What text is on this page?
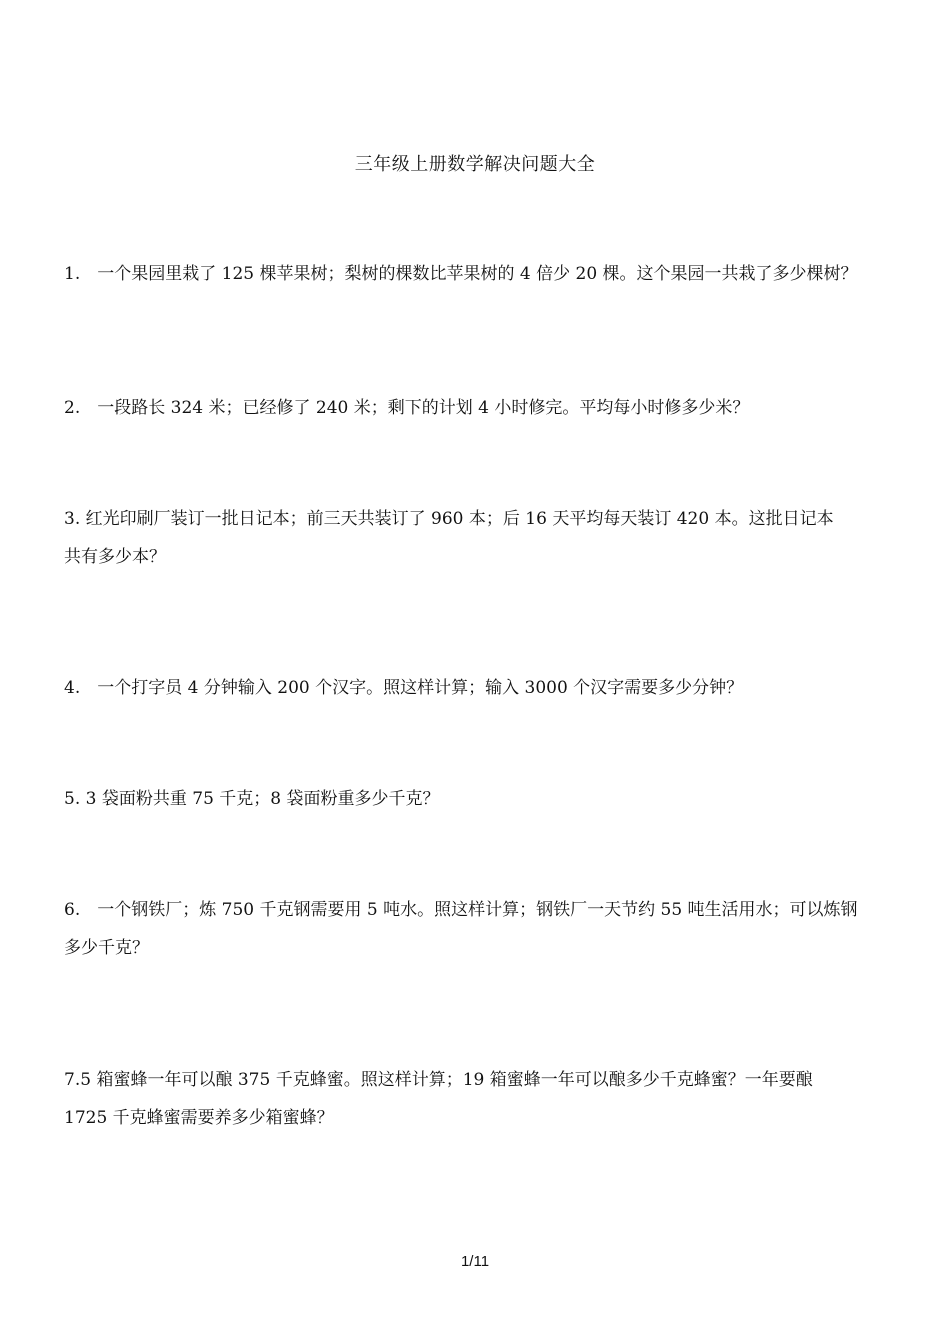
三年级上册数学解决问题大全

1.　一个果园里栽了 125 棵苹果树；梨树的棵数比苹果树的 4 倍少 20 棵。这个果园一共栽了多少棵树？

2.　一段路长 324 米；已经修了 240 米；剩下的计划 4 小时修完。平均每小时修多少米？

3. 红光印刷厂装订一批日记本；前三天共装订了 960 本；后 16 天平均每天装订 420 本。这批日记本

共有多少本？

4.　一个打字员 4 分钟输入 200 个汉字。照这样计算；输入 3000 个汉字需要多少分钟？

5. 3 袋面粉共重 75 千克；8 袋面粉重多少千克？

6.　一个钢铁厂；炼 750 千克钢需要用 5 吨水。照这样计算；钢铁厂一天节约 55 吨生活用水；可以炼钢

多少千克？

7.5 箱蜜蜂一年可以酿 375 千克蜂蜜。照这样计算；19 箱蜜蜂一年可以酿多少千克蜂蜜？一年要酿

1725 千克蜂蜜需要养多少箱蜜蜂？

1/11
